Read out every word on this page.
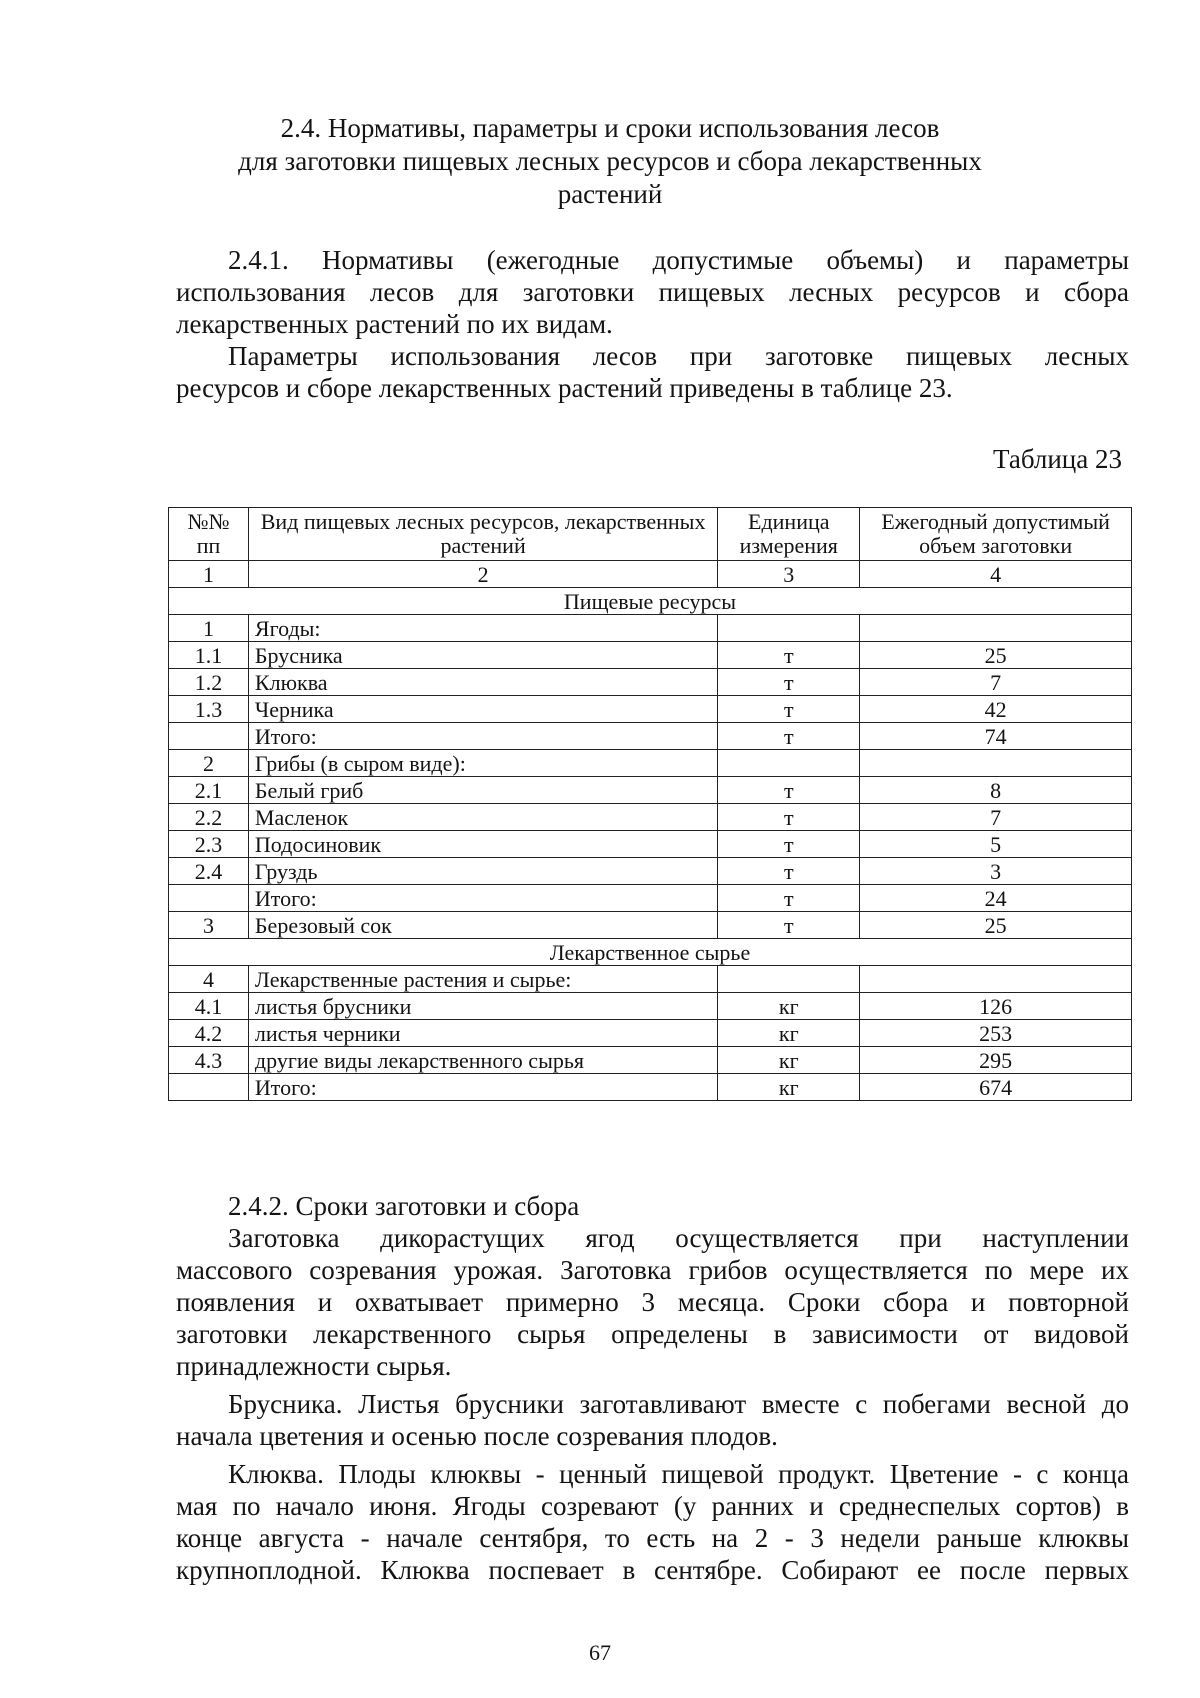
2.4. Нормативы, параметры и сроки использования лесов
для заготовки пищевых лесных ресурсов и сбора лекарственных
растений
2.4.1. Нормативы (ежегодные допустимые объемы) и параметры
использования лесов для заготовки пищевых лесных ресурсов и сбора
лекарственных растений по их видам.
Параметры использования лесов при заготовке пищевых лесных
ресурсов и сборе лекарственных растений приведены в таблице 23.
Таблица 23
№№ пп	Вид пищевых лесных ресурсов, лекарственных растений	Единица измерения	Ежегодный допустимый объем заготовки
1	2	3	4
Пищевые ресурсы			
1	Ягоды:		
1.1	Брусника	т	25
1.2	Клюква	т	7
1.3	Черника	т	42
	Итого:	т	74
2	Грибы (в сыром виде):		
2.1	Белый гриб	т	8
2.2	Масленок	т	7
2.3	Подосиновик	т	5
2.4	Груздь	т	3
	Итого:	т	24
3	Березовый сок	т	25
Лекарственное сырье			
4	Лекарственные растения и сырье:		
4.1	листья брусники	кг	126
4.2	листья черники	кг	253
4.3	другие виды лекарственного сырья	кг	295
	Итого:	кг	674
2.4.2. Сроки заготовки и сбора
Заготовка дикорастущих ягод осуществляется при наступлении
массового созревания урожая. Заготовка грибов осуществляется по мере их
появления и охватывает примерно 3 месяца. Сроки сбора и повторной
заготовки лекарственного сырья определены в зависимости от видовой
принадлежности сырья.
Брусника. Листья брусники заготавливают вместе с побегами весной до
начала цветения и осенью после созревания плодов.
Клюква. Плоды клюквы - ценный пищевой продукт. Цветение - с конца
мая по начало июня. Ягоды созревают (у ранних и среднеспелых сортов) в
конце августа - начале сентября, то есть на 2 - 3 недели раньше клюквы
крупноплодной. Клюква поспевает в сентябре. Собирают ее после первых
67
